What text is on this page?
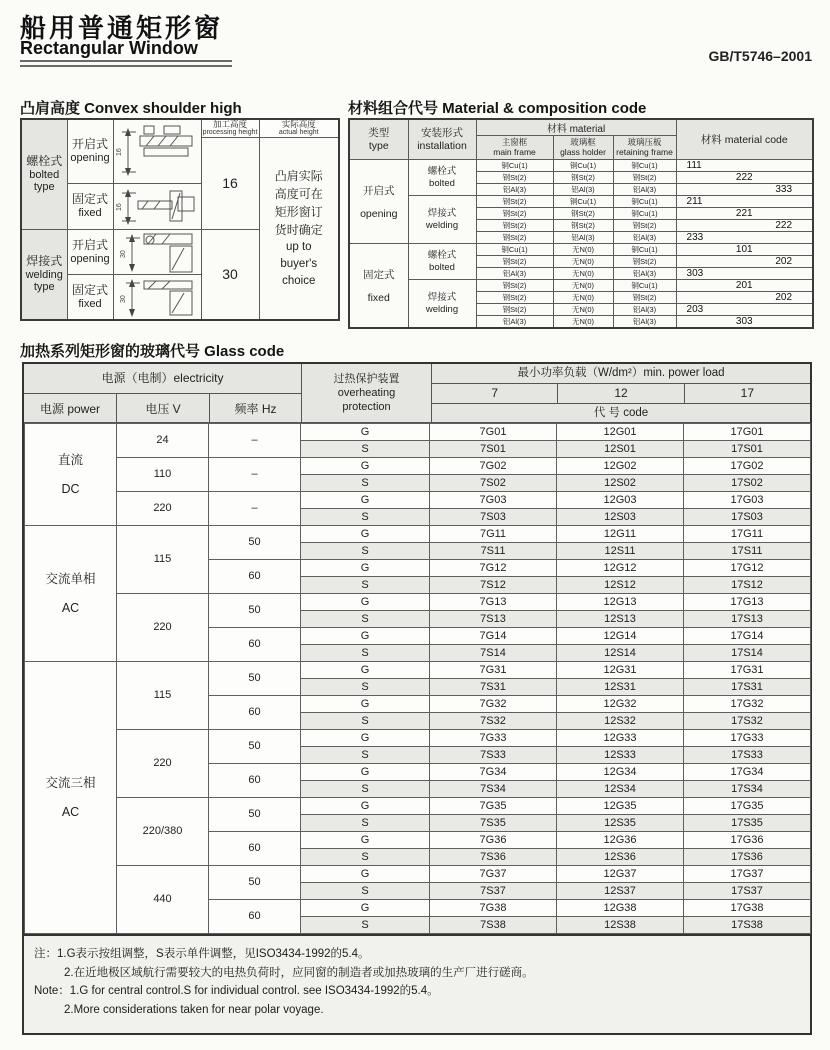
船用普通矩形窗
Rectangular Window	GB/T5746–2001
凸肩高度 Convex shoulder high	材料组合代号 Material & composition code
加热系列矩形窗的玻璃代号 Glass code
螺栓式
bolted
type

开启式
opening

16

加工高度
processing height

实际高度
actual height

			16	凸肩实际高度可在矩形窗订货时确定
up to buyer's choice

	固定式
fixed	16		

焊接式
welding
type

开启式
opening	30
	30

	固定式
fixed	30		
类型
type

安装形式
installation
	材料 material	材料 material code

主窗框
main frame

玻璃框
glass holder

玻璃压板
retaining frame

开启式
opening

螺栓式
bolted
	铜Cu(1)	铜Cu(1)	铜Cu(1)	111
		钢St(2)	钢St(2)	钢St(2)	222
		铝Al(3)	铝Al(3)	铝Al(3)	333

	焊接式
welding	钢St(2)	铜Cu(1)	铜Cu(1)	211
		钢St(2)	钢St(2)	铜Cu(1)	221
		钢St(2)	钢St(2)	钢St(2)	222
		钢St(2)	铝Al(3)	铝Al(3)	233

固定式
fixed

螺栓式
bolted
	铜Cu(1)	无N(0)	铜Cu(1)	101
		钢St(2)	无N(0)	钢St(2)	202
		铝Al(3)	无N(0)	铝Al(3)	303

	焊接式
welding	钢St(2)	无N(0)	铜Cu(1)	201
		钢St(2)	无N(0)	钢St(2)	202
		钢St(2)	无N(0)	铝Al(3)	203
		铝Al(3)	无N(0)	铝Al(3)	303
电源（电制）electricity
电源 power	电压 V	频率 Hz
过热保护装置
overheating
protection
最小功率负载（W/dm²）min. power load
7	12	17
代 号 code
直流
DC	24	–	G	7G01	12G01	17G01
			S	7S01	12S01	17S01
	110	–	G	7G02	12G02	17G02
			S	7S02	12S02	17S02
	220	–	G	7G03	12G03	17G03
			S	7S03	12S03	17S03

交流单相
AC	115	50	G	7G11	12G11	17G11
			S	7S11	12S11	17S11
		60	G	7G12	12G12	17G12
			S	7S12	12S12	17S12
	220	50	G	7G13	12G13	17G13
			S	7S13	12S13	17S13
		60	G	7G14	12G14	17G14
			S	7S14	12S14	17S14

交流三相
AC	115	50	G	7G31	12G31	17G31
			S	7S31	12S31	17S31
		60	G	7G32	12G32	17G32
			S	7S32	12S32	17S32
	220	50	G	7G33	12G33	17G33
			S	7S33	12S33	17S33
		60	G	7G34	12G34	17G34
			S	7S34	12S34	17S34
	220/380	50	G	7G35	12G35	17G35
			S	7S35	12S35	17S35
		60	G	7G36	12G36	17G36
			S	7S36	12S36	17S36
	440	50	G	7G37	12G37	17G37
			S	7S37	12S37	17S37
		60	G	7G38	12G38	17G38
			S	7S38	12S38	17S38
注：1.G表示按组调整，S表示单件调整，见ISO3434-1992的5.4。
2.在近地极区域航行需要较大的电热负荷时，应同窗的制造者或加热玻璃的生产厂进行磋商。
Note：1.G for central control.S for individual control. see ISO3434-1992的5.4。
2.More considerations taken for near polar voyage.
